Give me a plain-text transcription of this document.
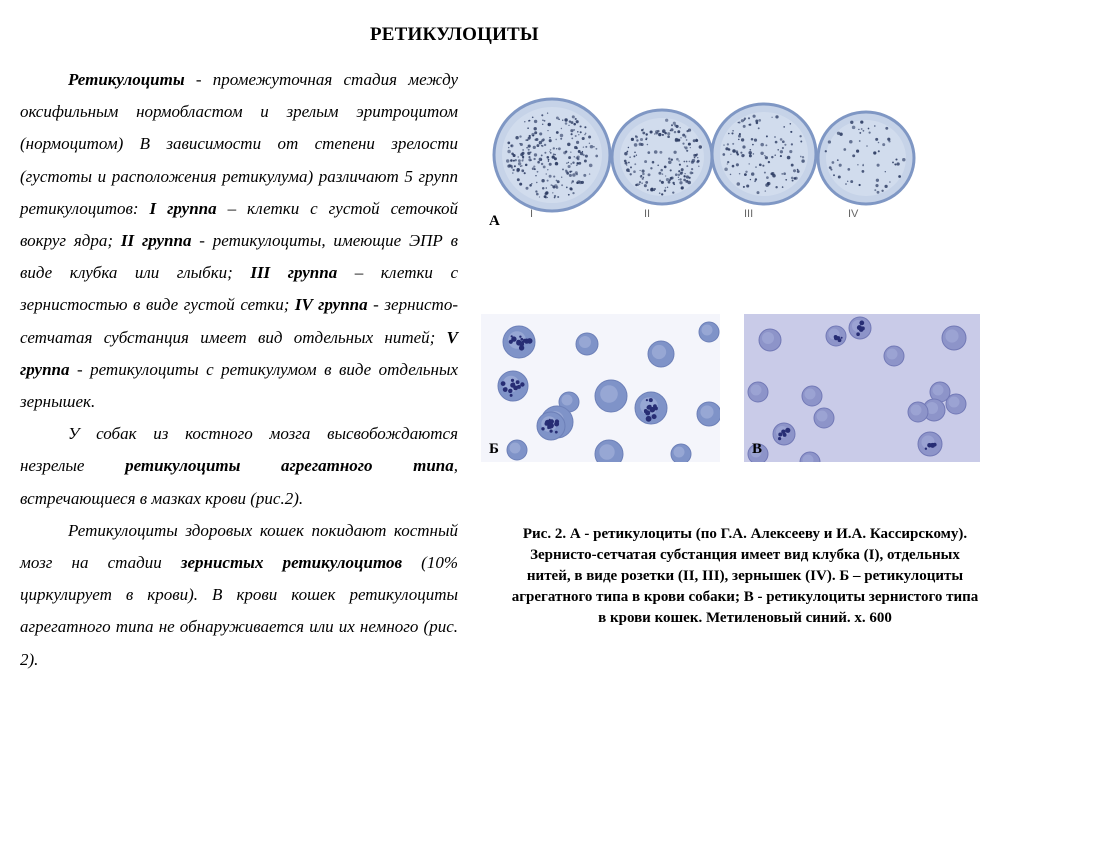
РЕТИКУЛОЦИТЫ

Ретикулоциты - промежуточная стадия между оксифильным нормобластом и зрелым эритроцитом (нормоцитом) В зависимости от степени зрелости (густоты и расположения ретикулума) различают 5 групп ретикулоцитов: I группа – клетки с густой сеточкой вокруг ядра; II группа - ретикулоциты, имеющие ЭПР в виде клубка или глыбки; III группа – клетки с зернистостью в виде густой сетки; IV группа - зернисто-сетчатая субстанция имеет вид отдельных нитей; V группа - ретикулоциты с ретикулумом в виде отдельных зернышек.

У собак из костного мозга высвобождаются незрелые ретикулоциты агрегатного типа, встречающиеся в мазках крови (рис.2).

Ретикулоциты здоровых кошек покидают костный мозг на стадии зернистых ретикулоцитов (10% циркулирует в крови). В крови кошек ретикулоциты агрегатного типа не обнаруживается или их немного (рис. 2).

I	II	III	IV
А
Б	В
Рис. 2. А - ретикулоциты (по Г.А. Алексееву и И.А. Кассирскому).
Зернисто-сетчатая субстанция имеет вид клубка (I), отдельных
нитей, в виде розетки (II, III), зернышек (IV). Б – ретикулоциты
агрегатного типа в крови собаки; В - ретикулоциты зернистого типа
в крови кошек. Метиленовый синий. х. 600
